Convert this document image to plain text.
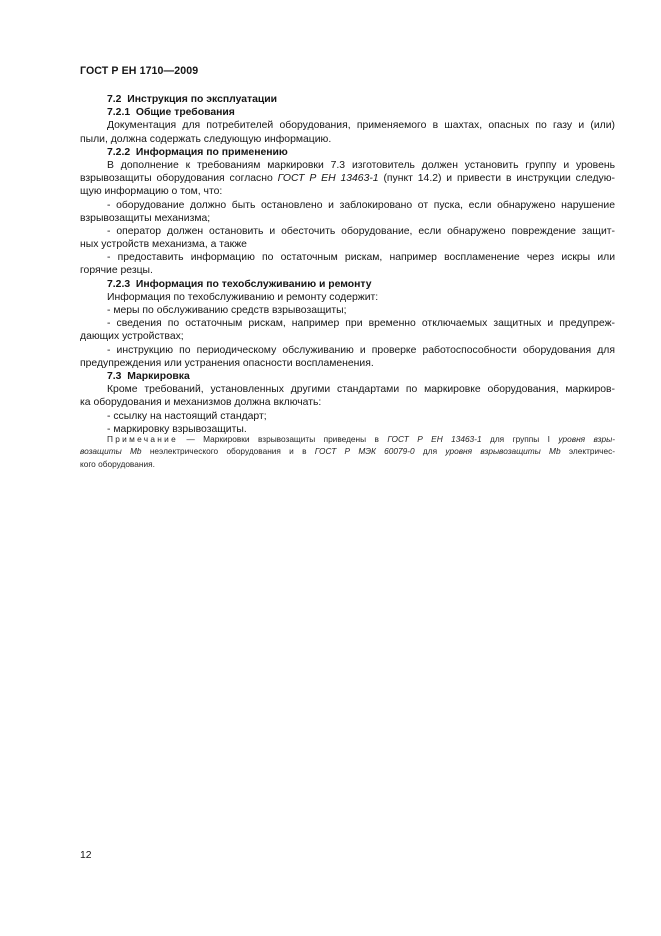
ГОСТ Р ЕН 1710—2009
7.2 Инструкция по эксплуатации
7.2.1 Общие требования
Документация для потребителей оборудования, применяемого в шахтах, опасных по газу и (или)
пыли, должна содержать следующую информацию.
7.2.2 Информация по применению
В дополнение к требованиям маркировки 7.3 изготовитель должен установить группу и уровень
взрывозащиты оборудования согласно ГОСТ Р ЕН 13463-1 (пункт 14.2) и привести в инструкции следую-
щую информацию о том, что:
- оборудование должно быть остановлено и заблокировано от пуска, если обнаружено нарушение
взрывозащиты механизма;
- оператор должен остановить и обесточить оборудование, если обнаружено повреждение защит-
ных устройств механизма, а также
- предоставить информацию по остаточным рискам, например воспламенение через искры или
горячие резцы.
7.2.3 Информация по техобслуживанию и ремонту
Информация по техобслуживанию и ремонту содержит:
- меры по обслуживанию средств взрывозащиты;
- сведения по остаточным рискам, например при временно отключаемых защитных и предупреж-
дающих устройствах;
- инструкцию по периодическому обслуживанию и проверке работоспособности оборудования для
предупреждения или устранения опасности воспламенения.
7.3 Маркировка
Кроме требований, установленных другими стандартами по маркировке оборудования, маркиров-
ка оборудования и механизмов должна включать:
- ссылку на настоящий стандарт;
- маркировку взрывозащиты.
Примечание — Маркировки взрывозащиты приведены в ГОСТ Р ЕН 13463-1 для группы I уровня взры-
возащиты Mb неэлектрического оборудования и в ГОСТ Р МЭК 60079-0 для уровня взрывозащиты Mb электричес-
кого оборудования.
12
